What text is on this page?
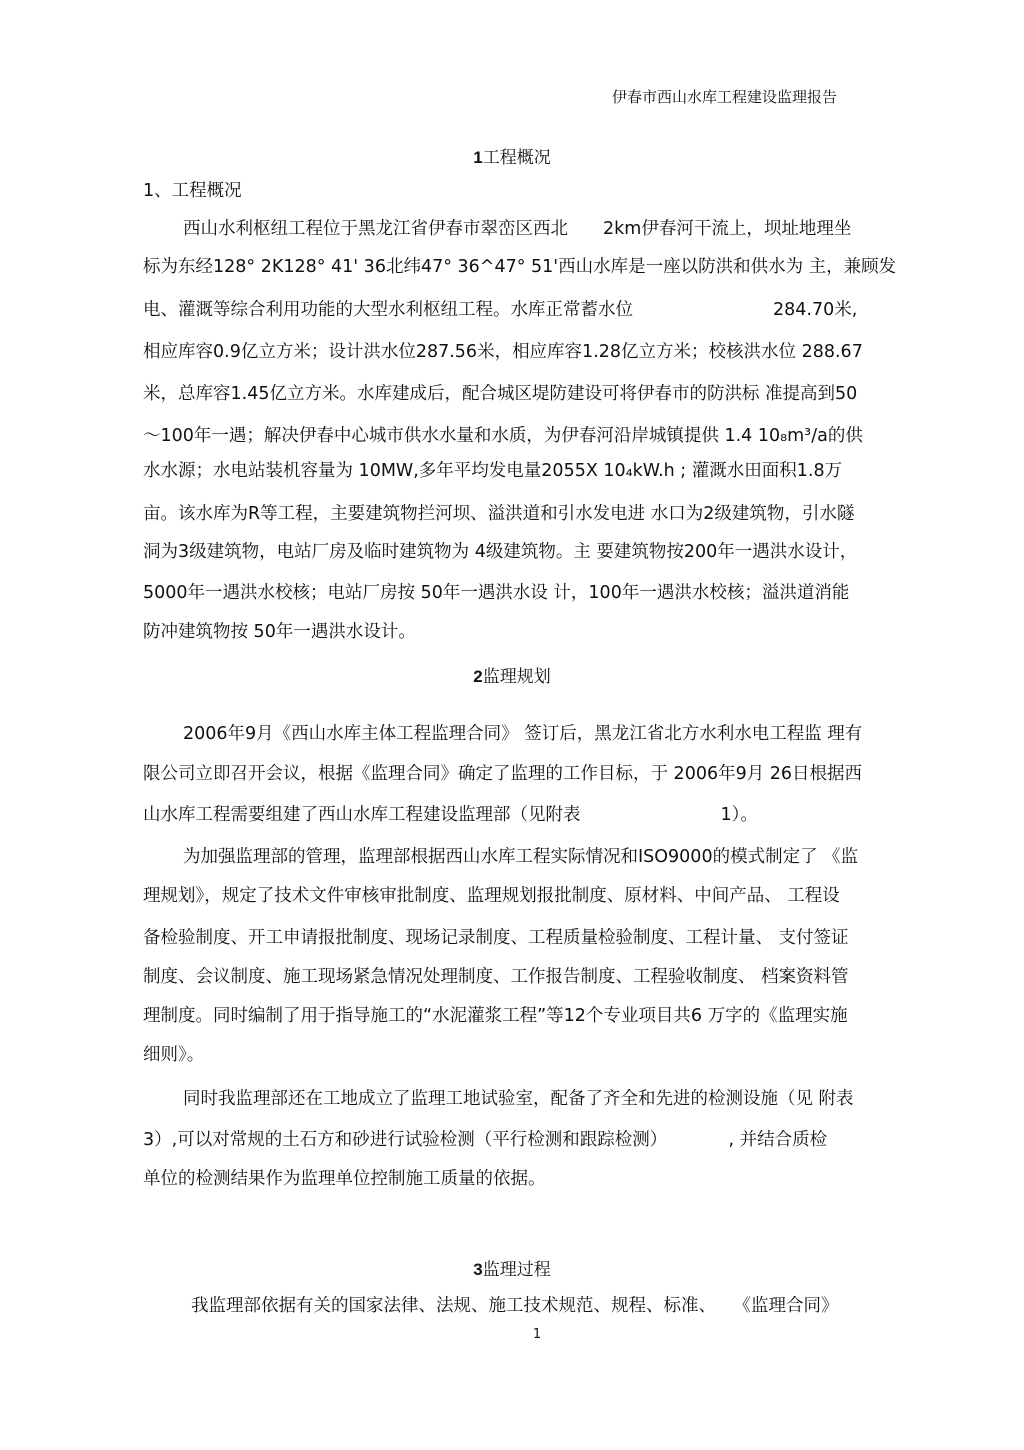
伊春市西山水库工程建设监理报告
1工程概况
1、工程概况
西山水利枢纽工程位于黑龙江省伊春市翠峦区西北　　2km伊春河干流上，坝址地理坐
标为东经128° 2K128° 41' 36北纬47° 36^47° 51'西山水库是一座以防洪和供水为 主，兼顾发
电、灌溉等综合利用功能的大型水利枢纽工程。水库正常蓄水位　　　　　　　　284.70米,
相应库容0.9亿立方米；设计洪水位287.56米，相应库容1.28亿立方米；校核洪水位 288.67
米，总库容1.45亿立方米。水库建成后，配合城区堤防建设可将伊春市的防洪标 准提高到50
〜100年一遇；解决伊春中心城市供水水量和水质，为伊春河沿岸城镇提供 1.4 10₈m³/a的供
水水源；水电站装机容量为 10MW,多年平均发电量2055X 10₄kW.h ; 灌溉水田面积1.8万
亩。该水库为R等工程，主要建筑物拦河坝、溢洪道和引水发电进 水口为2级建筑物，引水隧
洞为3级建筑物，电站厂房及临时建筑物为 4级建筑物。主 要建筑物按200年一遇洪水设计，
5000年一遇洪水校核；电站厂房按 50年一遇洪水设 计，100年一遇洪水校核；溢洪道消能
防冲建筑物按 50年一遇洪水设计。
2监理规划
2006年9月《西山水库主体工程监理合同》 签订后，黑龙江省北方水利水电工程监 理有
限公司立即召开会议，根据《监理合同》确定了监理的工作目标，于 2006年9月 26日根据西
山水库工程需要组建了西山水库工程建设监理部（见附表　　　　　　　　1）。
为加强监理部的管理，监理部根据西山水库工程实际情况和ISO9000的模式制定了 《监
理规划》，规定了技术文件审核审批制度、监理规划报批制度、原材料、中间产品、 工程设
备检验制度、开工申请报批制度、现场记录制度、工程质量检验制度、工程计量、 支付签证
制度、会议制度、施工现场紧急情况处理制度、工作报告制度、工程验收制度、 档案资料管
理制度。同时编制了用于指导施工的“水泥灌浆工程”等12个专业项目共6 万字的《监理实施
细则》。
同时我监理部还在工地成立了监理工地试验室，配备了齐全和先进的检测设施（见 附表
3）,可以对常规的土石方和砂进行试验检测（平行检测和跟踪检测）　　　　, 并结合质检
单位的检测结果作为监理单位控制施工质量的依据。
3监理过程
我监理部依据有关的国家法律、法规、施工技术规范、规程、标准、　　《监理合同》
1
